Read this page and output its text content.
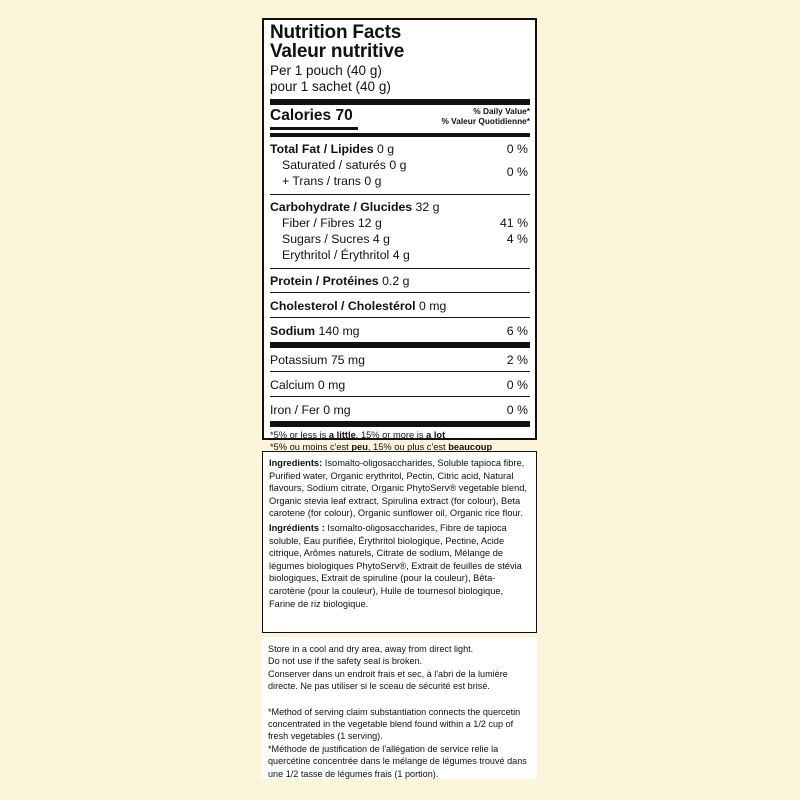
Nutrition Facts
Valeur nutritive
Per 1 pouch (40 g)
pour 1 sachet (40 g)
Calories 70	% Daily Value*
% Valeur Quotidienne*
Total Fat / Lipides 0 g	0 %
Saturated / saturés 0 g	0 %
+ Trans / trans 0 g
Carbohydrate / Glucides 32 g
Fiber / Fibres 12 g	41 %
Sugars / Sucres 4 g	4 %
Erythritol / Érythritol 4 g
Protein / Protéines 0.2 g
Cholesterol / Cholestérol 0 mg
Sodium 140 mg	6 %
Potassium 75 mg	2 %
Calcium 0 mg	0 %
Iron / Fer 0 mg	0 %
*5% or less is a little, 15% or more is a lot
*5% ou moins c'est peu, 15% ou plus c'est beaucoup

Ingredients: Isomalto-oligosaccharides, Soluble tapioca fibre, Purified water, Organic erythritol, Pectin, Citric acid, Natural flavours, Sodium citrate, Organic PhytoServ® vegetable blend, Organic stevia leaf extract, Spirulina extract (for colour), Beta carotene (for colour), Organic sunflower oil, Organic rice flour.

Ingrédients : Isomalto-oligosaccharides, Fibre de tapioca soluble, Eau purifiée, Érythritol biologique, Pectine, Acide citrique, Arômes naturels, Citrate de sodium, Mélange de légumes biologiques PhytoServ®, Extrait de feuilles de stévia biologiques, Extrait de spiruline (pour la couleur), Bêta-carotène (pour la couleur), Huile de tournesol biologique, Farine de riz biologique.

Store in a cool and dry area, away from direct light.

Do not use if the safety seal is broken.

Conserver dans un endroit frais et sec, à l'abri de la lumière directe. Ne pas utiliser si le sceau de sécurité est brisé.

*Method of serving claim substantiation connects the quercetin concentrated in the vegetable blend found within a 1/2 cup of fresh vegetables (1 serving).

*Méthode de justification de l'allégation de service relie la quercétine concentrée dans le mélange de légumes trouvé dans une 1/2 tasse de légumes frais (1 portion).
